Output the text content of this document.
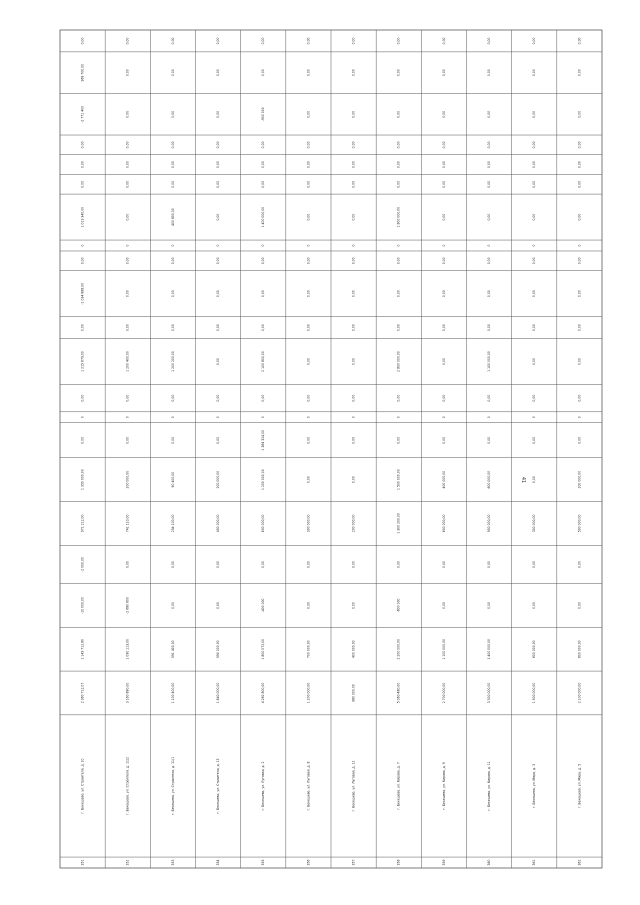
351
г. Бекешево, ул. Строителя, д. 10
2 360 712,07
1 149 712,80
-10 000,00
-2 000,00
971 212,00
1 350 000,00
0,00
0
0,00
1 215 679,00
0,00
-1 034 888,00
0,00
0
1 013 340,00
0,00
0,00
0,00
-2 771 400
969 700,00
0,00
352
г. Бекешево, ул. Строителя, д. 11/2
3 160 880,00
1 090 113,00
-2 680 600
0,00
741 110,00
200 000,00
0,00
0
0,00
1 200 400,00
0,00
0,00
0,00
0
0,00
0,00
0,00
0,00
0,00
0,00
0,00
353
г. Бекешево, ул. Строителя, д. 11/1
1 100 400,00
591 400,00
0,00
0,00
254 100,00
90 400,00
0,00
0
0,00
1 200 200,00
0,00
0,00
0,00
0
400 800,00
0,00
0,00
0,00
0,00
0,00
0,00
354
г. Бекешево, ул. Строителя, д. 13
1 640 000,00
590 000,00
0,00
0,00
400 000,00
200 000,00
0,00
0
0,00
0,00
0,00
0,00
0,00
0
0,00
0,00
0,00
0,00
0,00
0,00
0,00
355
г. Бекешево, ул. Луговая, д. 2
4 282 800,00
1 800 072,00
-400 000
0,00
600 000,00
1 200 000,00
1 364 324,00
0
0,00
2 100 800,00
0,00
0,00
0,00
0
1 400 000,00
0,00
0,00
0,00
-900 000
0,00
0,00
356
г. Бекешево, ул. Луговая, д. 8
1 200 000,00
700 000,00
0,00
0,00
300 000,00
0,00
0,00
0
0,00
0,00
0,00
0,00
0,00
0
0,00
0,00
0,00
0,00
0,00
0,00
0,00
357
г. Бекешево, ул. Луговая, д. 12
980 000,00
400 000,00
0,00
0,00
200 000,00
0,00
0,00
0
0,00
0,00
0,00
0,00
0,00
0
0,00
0,00
0,00
0,00
0,00
0,00
0,00
358
г. Бекешево, ул. Кирова, д. 7
5 060 480,00
2 200 000,00
-600 000
0,00
1 300 200,00
1 500 000,00
0,00
0
0,00
2 800 000,00
0,00
0,00
0,00
0
1 800 000,00
0,00
0,00
0,00
0,00
0,00
0,00
359
г. Бекешево, ул. Кирова, д. 9
2 700 000,00
1 100 000,00
0,00
0,00
600 000,00
400 000,00
0,00
0
0,00
0,00
0,00
0,00
0,00
0
0,00
0,00
0,00
0,00
0,00
0,00
0,00
360
г. Бекешево, ул. Кирова, д. 11
3 300 000,00
1 400 000,00
0,00
0,00
900 000,00
600 000,00
0,00
0
0,00
1 100 000,00
0,00
0,00
0,00
0
0,00
0,00
0,00
0,00
0,00
0,00
0,00
361
г. Бекешево, ул. Мира, д. 3
1 500 000,00
600 000,00
0,00
0,00
300 000,00
0,00
0,00
0
0,00
0,00
0,00
0,00
0,00
0
0,00
0,00
0,00
0,00
0,00
0,00
0,00
362
г. Бекешево, ул. Мира, д. 5
2 100 000,00
800 000,00
0,00
0,00
500 000,00
200 000,00
0,00
0
0,00
0,00
0,00
0,00
0,00
0
0,00
0,00
0,00
0,00
0,00
0,00
0,00
41
